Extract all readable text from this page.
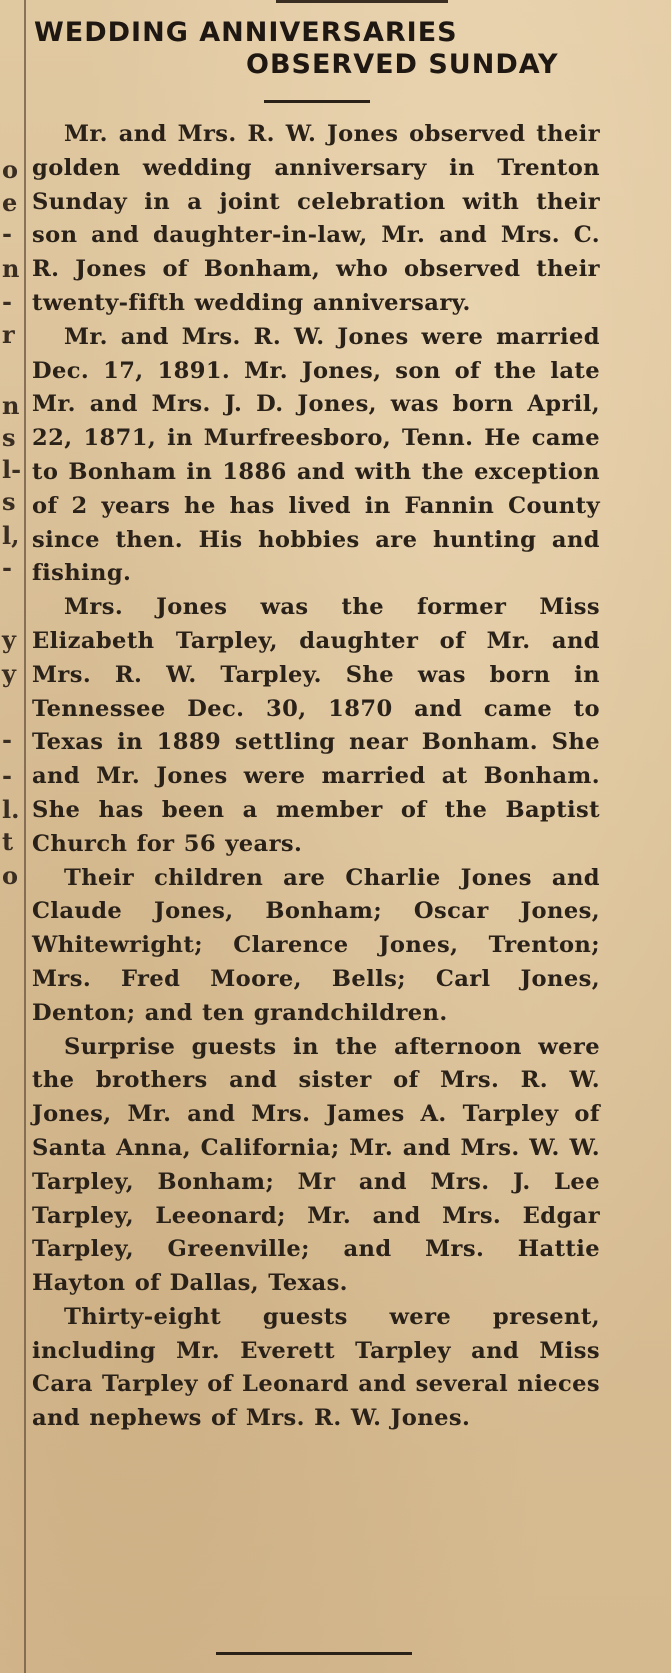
o
e
-
n
-
r
n
s
l-
s
l,
-
y
y
-
-
l.
t
o
WEDDING ANNIVERSARIES
OBSERVED SUNDAY

Mr. and Mrs. R. W. Jones observed their golden wedding anniversary in Trenton Sunday in a joint celebration with their son and daughter-in-law, Mr. and Mrs. C. R. Jones of Bonham, who observed their twenty-fifth wedding anniversary.

Mr. and Mrs. R. W. Jones were married Dec. 17, 1891. Mr. Jones, son of the late Mr. and Mrs. J. D. Jones, was born April, 22, 1871, in Murfreesboro, Tenn. He came to Bonham in 1886 and with the exception of 2 years he has lived in Fannin County since then. His hobbies are hunting and fishing.

Mrs. Jones was the former Miss Elizabeth Tarpley, daughter of Mr. and Mrs. R. W. Tarpley. She was born in Tennessee Dec. 30, 1870 and came to Texas in 1889 settling near Bonham. She and Mr. Jones were married at Bonham. She has been a member of the Baptist Church for 56 years.

Their children are Charlie Jones and Claude Jones, Bonham; Oscar Jones, Whitewright; Clarence Jones, Trenton; Mrs. Fred Moore, Bells; Carl Jones, Denton; and ten grandchildren.

Surprise guests in the afternoon were the brothers and sister of Mrs. R. W. Jones, Mr. and Mrs. James A. Tarpley of Santa Anna, California; Mr. and Mrs. W. W. Tarpley, Bonham; Mr and Mrs. J. Lee Tarpley, Leeonard; Mr. and Mrs. Edgar Tarpley, Greenville; and Mrs. Hattie Hayton of Dallas, Texas.

Thirty-eight guests were present, including Mr. Everett Tarpley and Miss Cara Tarpley of Leonard and several nieces and nephews of Mrs. R. W. Jones.
